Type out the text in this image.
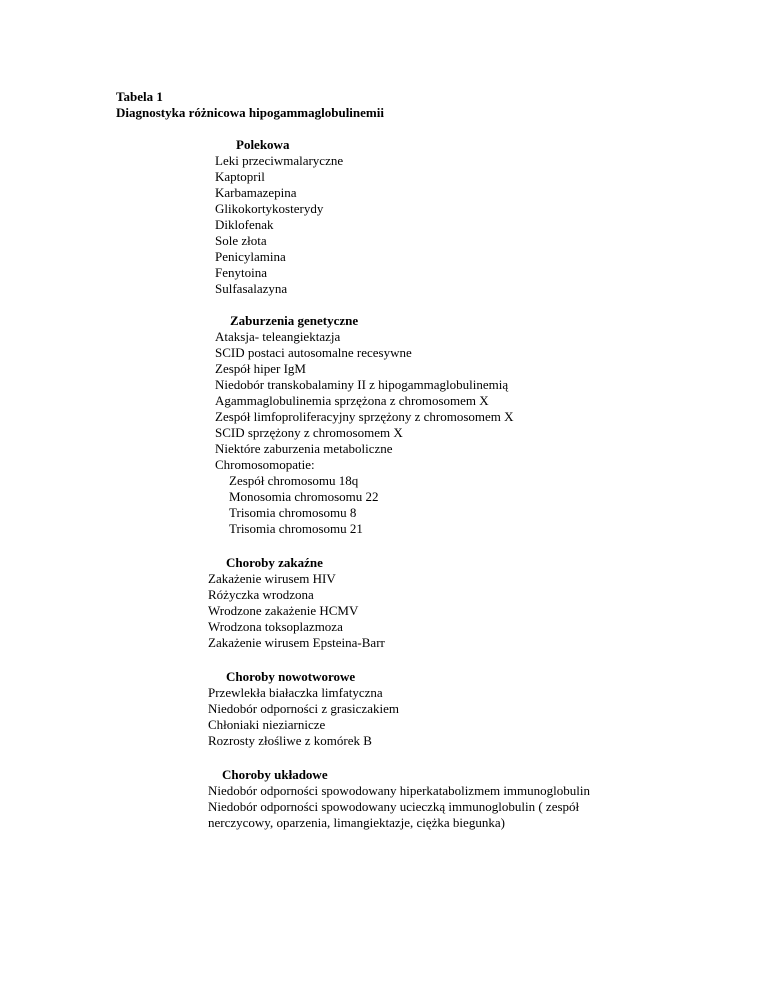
Tabela 1
Diagnostyka różnicowa hipogammaglobulinemii
Polekowa
Leki przeciwmalaryczne
Kaptopril
Karbamazepina
Glikokortykosterydy
Diklofenak
Sole złota
Penicylamina
Fenytoina
Sulfasalazyna
Zaburzenia genetyczne
Ataksja- teleangiektazja
SCID postaci autosomalne recesywne
Zespół hiper IgM
Niedobór transkobalaminy II z hipogammaglobulinemią
Agammaglobulinemia sprzężona z chromosomem X
Zespół limfoproliferacyjny sprzężony z chromosomem X
SCID sprzężony z chromosomem X
Niektóre zaburzenia metaboliczne
Chromosomopatie:
Zespół chromosomu 18q
Monosomia chromosomu 22
Trisomia chromosomu 8
Trisomia chromosomu 21
Choroby zakaźne
Zakażenie wirusem HIV
Różyczka wrodzona
Wrodzone zakażenie HCMV
Wrodzona toksoplazmoza
Zakażenie wirusem Epsteina-Barr
Choroby nowotworowe
Przewlekła białaczka limfatyczna
Niedobór odporności z grasiczakiem
Chłoniaki nieziarnicze
Rozrosty złośliwe z komórek B
Choroby układowe
Niedobór odporności spowodowany hiperkatabolizmem immunoglobulin
Niedobór odporności spowodowany ucieczką immunoglobulin ( zespół
nerczycowy, oparzenia, limangiektazje, ciężka biegunka)
